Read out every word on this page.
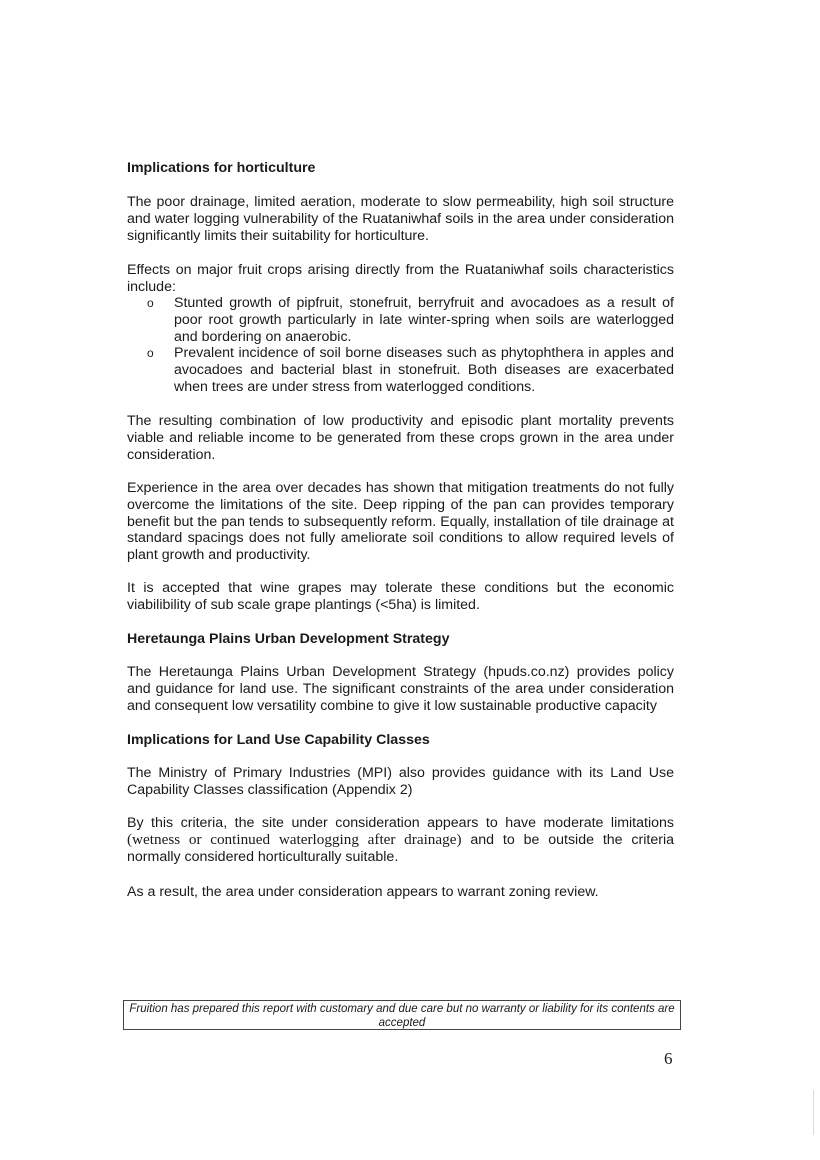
Implications for horticulture
The poor drainage, limited aeration, moderate to slow permeability, high soil structure and water logging vulnerability of the Ruataniwhaf soils in the area under consideration significantly limits their suitability for horticulture.
Effects on major fruit crops arising directly from the Ruataniwhaf soils characteristics include:
o Stunted growth of pipfruit, stonefruit, berryfruit and avocadoes as a result of poor root growth particularly in late winter-spring when soils are waterlogged and bordering on anaerobic.
o Prevalent incidence of soil borne diseases such as phytophthera in apples and avocadoes and bacterial blast in stonefruit. Both diseases are exacerbated when trees are under stress from waterlogged conditions.
The resulting combination of low productivity and episodic plant mortality prevents viable and reliable income to be generated from these crops grown in the area under consideration.
Experience in the area over decades has shown that mitigation treatments do not fully overcome the limitations of the site. Deep ripping of the pan can provides temporary benefit but the pan tends to subsequently reform. Equally, installation of tile drainage at standard spacings does not fully ameliorate soil conditions to allow required levels of plant growth and productivity.
It is accepted that wine grapes may tolerate these conditions but the economic viabilibility of sub scale grape plantings (<5ha) is limited.
Heretaunga Plains Urban Development Strategy
The Heretaunga Plains Urban Development Strategy (hpuds.co.nz) provides policy and guidance for land use. The significant constraints of the area under consideration and consequent low versatility combine to give it low sustainable productive capacity
Implications for Land Use Capability Classes
The Ministry of Primary Industries (MPI) also provides guidance with its Land Use Capability Classes classification (Appendix 2)
By this criteria, the site under consideration appears to have moderate limitations (wetness or continued waterlogging after drainage) and to be outside the criteria normally considered horticulturally suitable.
As a result, the area under consideration appears to warrant zoning review.
Fruition has prepared this report with customary and due care but no warranty or liability for its contents are accepted
6
